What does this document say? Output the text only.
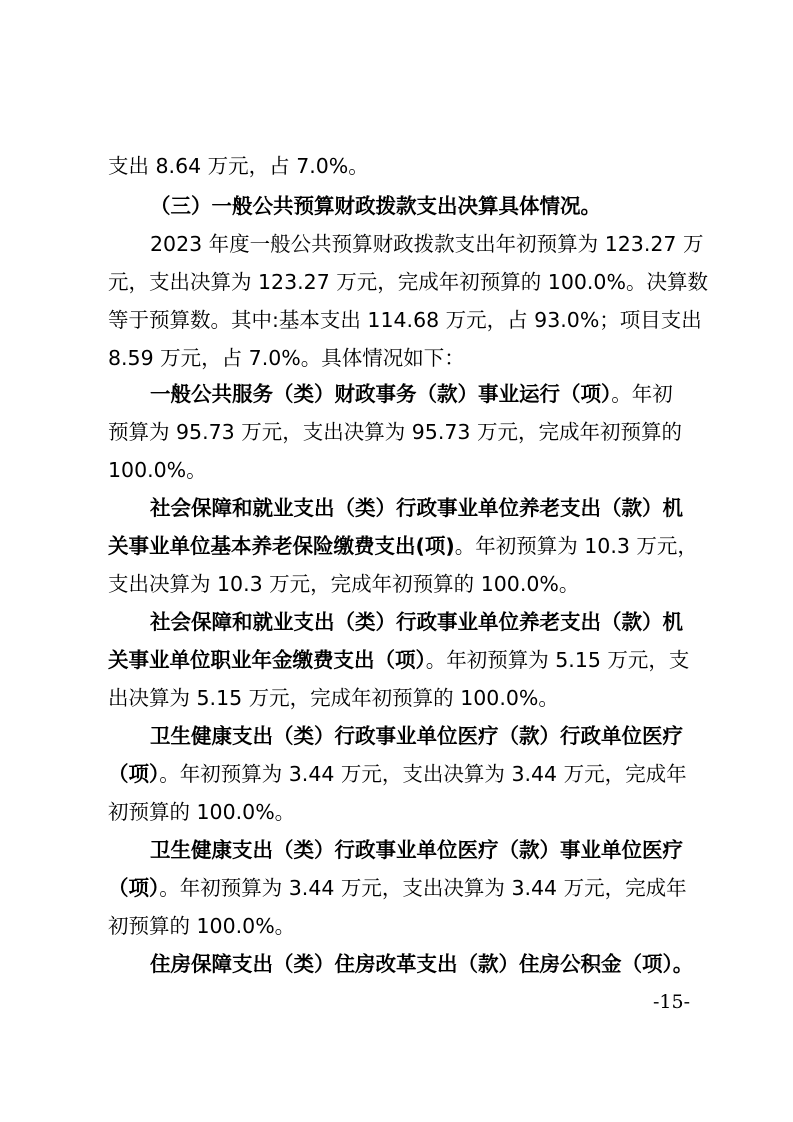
支出 8.64 万元，占 7.0%。
（三）一般公共预算财政拨款支出决算具体情况。
2023 年度一般公共预算财政拨款支出年初预算为 123.27 万
元，支出决算为 123.27 万元，完成年初预算的 100.0%。决算数
等于预算数。其中:基本支出 114.68 万元，占 93.0%；项目支出
8.59 万元，占 7.0%。具体情况如下：
一般公共服务（类）财政事务（款）事业运行（项）。年初
预算为 95.73 万元，支出决算为 95.73 万元，完成年初预算的
100.0%。
社会保障和就业支出（类）行政事业单位养老支出（款）机
关事业单位基本养老保险缴费支出(项)。年初预算为 10.3 万元，
支出决算为 10.3 万元，完成年初预算的 100.0%。
社会保障和就业支出（类）行政事业单位养老支出（款）机
关事业单位职业年金缴费支出（项）。年初预算为 5.15 万元，支
出决算为 5.15 万元，完成年初预算的 100.0%。
卫生健康支出（类）行政事业单位医疗（款）行政单位医疗
（项）。年初预算为 3.44 万元，支出决算为 3.44 万元，完成年
初预算的 100.0%。
卫生健康支出（类）行政事业单位医疗（款）事业单位医疗
（项）。年初预算为 3.44 万元，支出决算为 3.44 万元，完成年
初预算的 100.0%。
住房保障支出（类）住房改革支出（款）住房公积金（项）。
-15-
